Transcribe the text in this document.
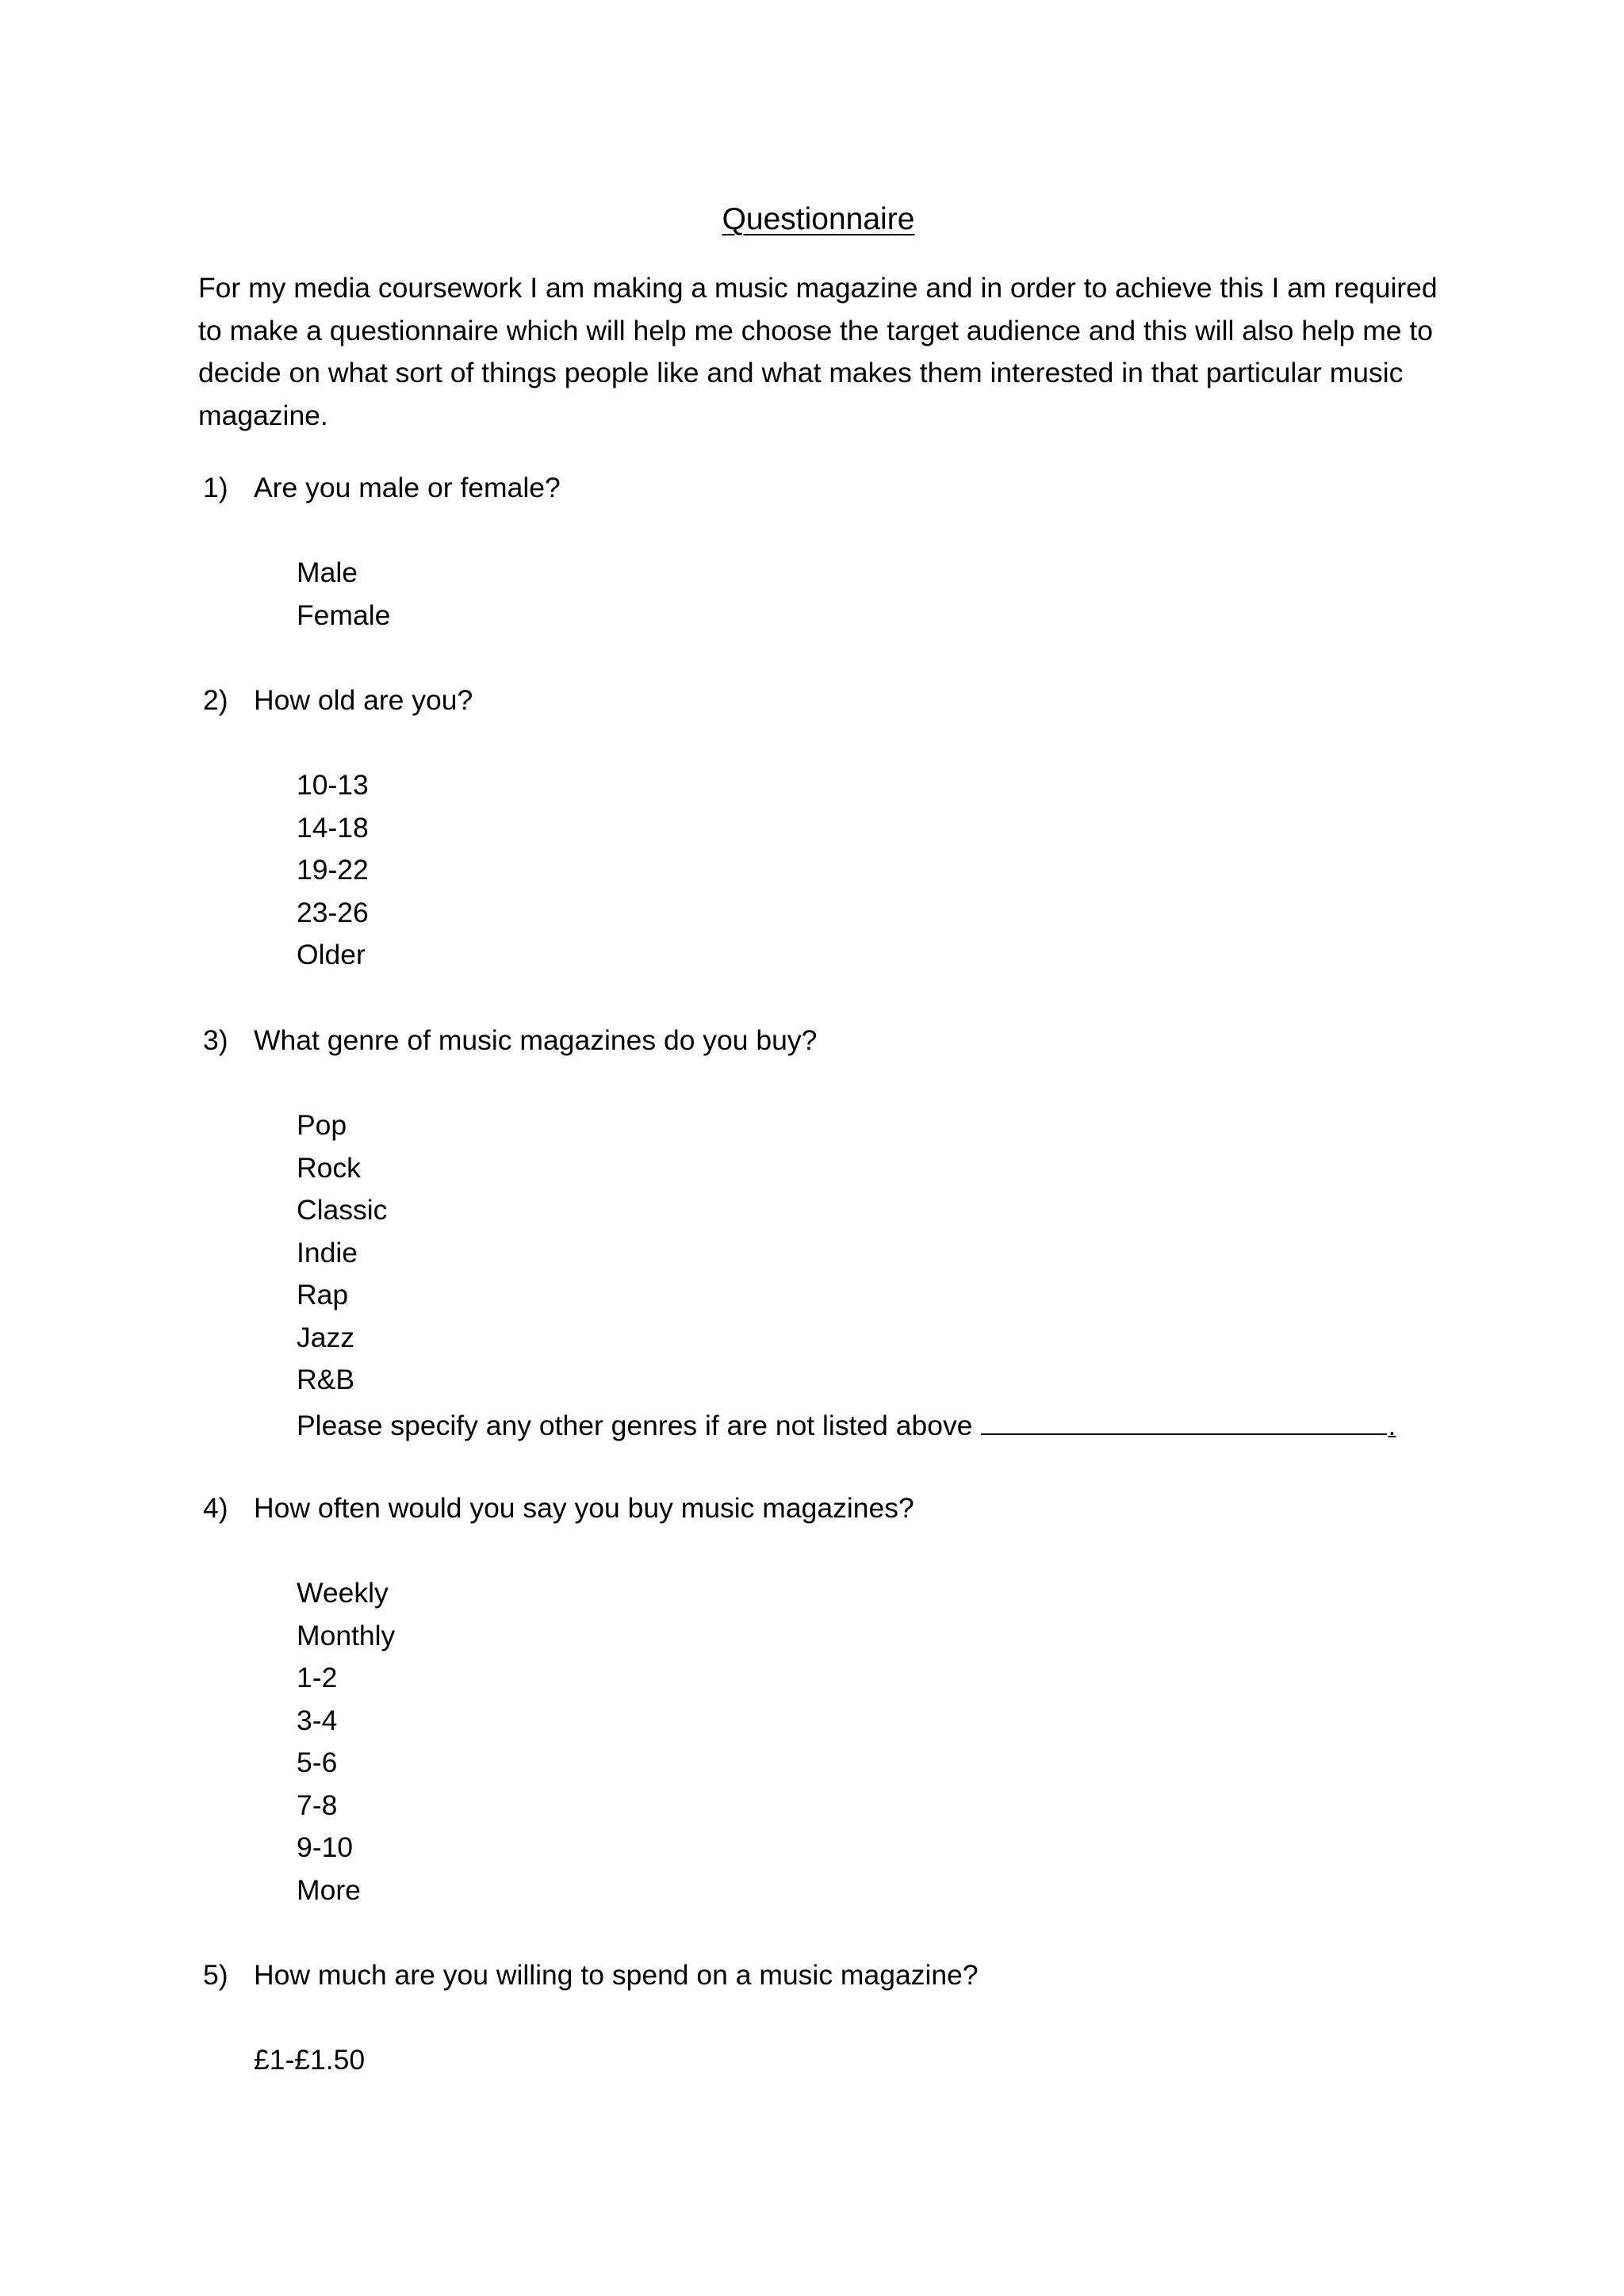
Questionnaire

For my media coursework I am making a music magazine and in order to achieve this I am required
to make a questionnaire which will help me choose the target audience and this will also help me to
decide on what sort of things people like and what makes them interested in that particular music
magazine.

1) Are you male or female?
Male
Female
2) How old are you?
10-13
14-18
19-22
23-26
Older
3) What genre of music magazines do you buy?
Pop
Rock
Classic
Indie
Rap
Jazz
R&B
Please specify any other genres if are not listed above	.
4) How often would you say you buy music magazines?
Weekly
Monthly
1-2
3-4
5-6
7-8
9-10
More
5) How much are you willing to spend on a music magazine?
£1-£1.50
